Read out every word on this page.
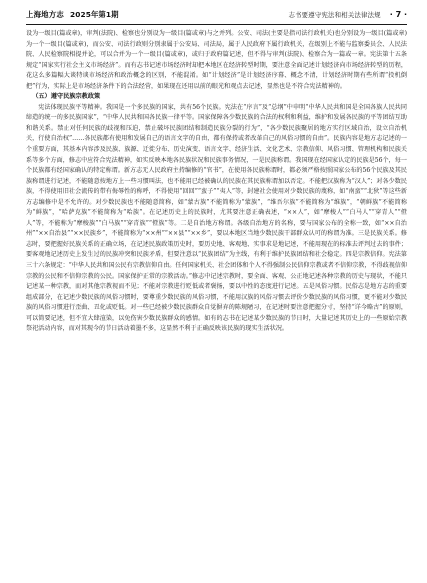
上海地方志 2025年第1期	志书要遵守宪法和相关法律法规 · 7 ·

设为一级目(篇或章)，审判(法院)、检察也分别设为一级目(篇或章)与之并列。公安、司法(主要是指司法行政机关)也分别设为一级目(篇或章)为一个一级目(篇或章)，而公安、司法行政则分别隶属于公安局、司法局，属于人民政府下属行政机关，在级别上不能与监察委员会、人民法院、人民检察院相提并论，可以合并为一个一级目(篇或章)，或归于政府篇记述，但不得与审判(法院)、检察合为一篇或一章。宪法第十五条规定“国家实行社会主义市场经济”。而有志书记述市场经济时却把本地区在经济转型时期，要注意全面记述计划经济向市场经济转型的历程，花这么多篇幅大谈特谈市场经济和政治概念的区别，不能混淆。如“计划经济”是计划经济序幕、概念不清，计划经济时期有些所谓“投机倒把”行为，实际上是市场经济条件下的合法经营，如果现在还用以前的眼光和观点去记述，显然也是不符合宪法精神的。

（五）遵守民族宗教政策

宪法体现民族平等精神。我国是一个多民族的国家，共有56个民族。宪法在“序言”及“总纲”中申明“中华人民共和国是全国各族人民共同缔造的统一的多民族国家”，“中华人民共和国各民族一律平等。国家保障各少数民族的合法的权利和利益，维护和发展各民族的平等团结互助和谐关系。禁止对任何民族的歧视和压迫，禁止破坏民族团结和制造民族分裂的行为”，“各少数民族聚居的地方实行区域自治，设立自治机关，行使自治权”……各民族都有使用和发展自己的语言文字的自由，都有保持或者改革自己的风俗习惯的自由”。民族内容是地方志记述的一个重要方面，其基本内容涉及民族、族源、迁徙分布、历史演变、语言文字、经济生活、文化艺术、宗教信仰、风俗习惯、管理机构和民族关系等多个方面，修志中应符合宪法精神，如实反映本地各民族状况和民族事务情况，一是民族称谓。我国现在经国家认定的民族是56个，每一个民族都有经国家确认的特定称谓。新方志无人民政府主持编修的“官书”，在使用各民族称谓时，都必须严格按照国家公布的56个民族及其民族称谓进行记述，不能随意按地方上一些习惯叫法，也不能用已经被确认的民族在其民族称谓加以否定。不能把汉族称为“汉人”；对各少数民族，不得使用旧社会流传的带有侮辱性的称呼，不得使用“回回”“蛮子”“夷人”等，封建社会使用对少数民族的蔑称，如“南蛮”“北狄”等这些新方志编修中是不允许的。对少数民族也不能随意简称，如“蒙古族”不能简称为“蒙族”，“维吾尔族”不能简称为“维族”，“朝鲜族”不能简称为“鲜族”，“哈萨克族”不能简称为“哈族”。在记述历史上的民族时，尤其要注意正确表述，“××人”，如“摩梭人”“白马人”“穿青人”“僜人”等，不能称为“摩梭族”“白马族”“穿青族”“僜族”等。二是自治地方称谓。各级自治地方的名称，要与国家公布的全称一致，如“××自治州”“××自治县”“××民族乡”，不能简称为“××州”“××县”“××乡”，要以本地区当地少数民族干部群众认可的称谓为准。三是民族关系。修志时，要把握好民族关系的正确立场，在记述民族政策历史时，要历史地、客观地、实事求是地记述，不能用现在的标准去评判过去的事件；要客观地记述历史上发生过的民族冲突和民族矛盾，但要注意以“民族团结”为主线，有利于维护民族团结和社会稳定。四是宗教信仰。宪法第三十六条规定：“中华人民共和国公民有宗教信仰自由。任何国家机关、社会团体和个人不得强制公民信仰宗教或者不信仰宗教，不得歧视信仰宗教的公民和不信仰宗教的公民。国家保护正常的宗教活动。”修志中记述宗教时，要全面、客观、公正地记述各种宗教的历史与现状，不能只记述某一种宗教，而对其他宗教视而不见；不能对宗教进行贬低或者褒扬，要以中性的态度进行记述。五是风俗习惯。民俗志是地方志的重要组成部分，在记述少数民族的风俗习惯时，要尊重少数民族的风俗习惯，不能用汉族的风俗习惯去评价少数民族的风俗习惯，更不能对少数民族的风俗习惯进行歪曲、丑化或贬低。对一些已经被少数民族群众自觉摒弃的陈规陋习，在记述时要注意把握分寸，坚持“详今略古”的原则，可以简要记述，但不宜大肆渲染，以免伤害少数民族群众的感情。如有的志书在记述某少数民族的节日时，大量记述其历史上的一些原始宗教祭祀活动内容，而对其现今的节日活动着墨不多，这显然不利于正确反映该民族的现实生活状况。
